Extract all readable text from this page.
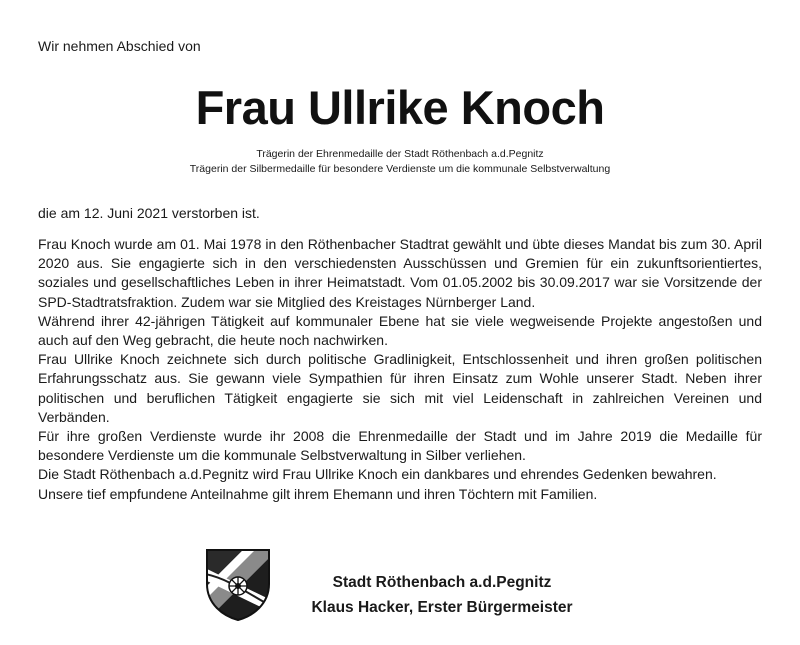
Wir nehmen Abschied von
Frau Ullrike Knoch
Trägerin der Ehrenmedaille der Stadt Röthenbach a.d.Pegnitz
Trägerin der Silbermedaille für besondere Verdienste um die kommunale Selbstverwaltung
die am 12. Juni 2021 verstorben ist.

Frau Knoch wurde am 01. Mai 1978 in den Röthenbacher Stadtrat gewählt und übte dieses Mandat bis zum 30. April 2020 aus. Sie engagierte sich in den verschiedensten Ausschüssen und Gremien für ein zukunftsorientiertes, soziales und gesellschaftliches Leben in ihrer Heimatstadt. Vom 01.05.2002 bis 30.09.2017 war sie Vorsitzende der SPD-Stadtratsfraktion. Zudem war sie Mitglied des Kreistages Nürnberger Land.

Während ihrer 42-jährigen Tätigkeit auf kommunaler Ebene hat sie viele wegweisende Projekte angestoßen und auch auf den Weg gebracht, die heute noch nachwirken.

Frau Ullrike Knoch zeichnete sich durch politische Gradlinigkeit, Entschlossenheit und ihren großen politischen Erfahrungsschatz aus. Sie gewann viele Sympathien für ihren Einsatz zum Wohle unserer Stadt. Neben ihrer politischen und beruflichen Tätigkeit engagierte sie sich mit viel Leidenschaft in zahlreichen Vereinen und Verbänden.

Für ihre großen Verdienste wurde ihr 2008 die Ehrenmedaille der Stadt und im Jahre 2019 die Medaille für besondere Verdienste um die kommunale Selbstverwaltung in Silber verliehen.

Die Stadt Röthenbach a.d.Pegnitz wird Frau Ullrike Knoch ein dankbares und ehrendes Gedenken bewahren.

Unsere tief empfundene Anteilnahme gilt ihrem Ehemann und ihren Töchtern mit Familien.

Stadt Röthenbach a.d.Pegnitz
Klaus Hacker, Erster Bürgermeister
